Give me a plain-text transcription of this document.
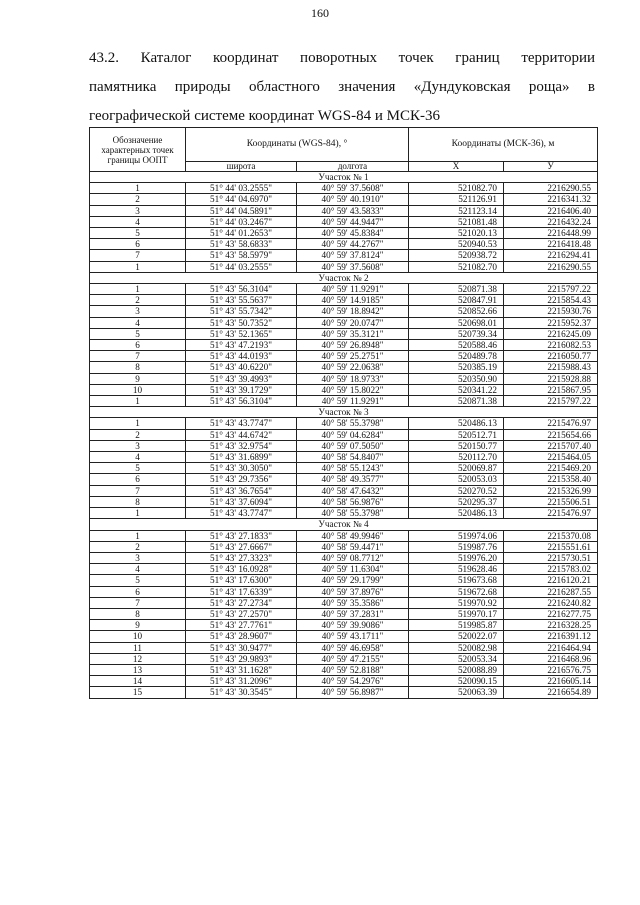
160
43.2. Каталог координат поворотных точек границ территории
памятника природы областного значения «Дундуковская роща» в
географической системе координат WGS-84 и МСК-36
Обозначение характерных точек границы ООПТ	Координаты (WGS-84), °		Координаты (МСК-36), м	
	широта	долгота	X	У
Участок № 1				
1	51° 44' 03.2555"	40° 59' 37.5608"	521082.70	2216290.55
2	51° 44' 04.6970"	40° 59' 40.1910"	521126.91	2216341.32
3	51° 44' 04.5891"	40° 59' 43.5833"	521123.14	2216406.40
4	51° 44' 03.2467"	40° 59' 44.9447"	521081.48	2216432.24
5	51° 44' 01.2653"	40° 59' 45.8384"	521020.13	2216448.99
6	51° 43' 58.6833"	40° 59' 44.2767"	520940.53	2216418.48
7	51° 43' 58.5979"	40° 59' 37.8124"	520938.72	2216294.41
1	51° 44' 03.2555"	40° 59' 37.5608"	521082.70	2216290.55
Участок № 2				
1	51° 43' 56.3104"	40° 59' 11.9291"	520871.38	2215797.22
2	51° 43' 55.5637"	40° 59' 14.9185"	520847.91	2215854.43
3	51° 43' 55.7342"	40° 59' 18.8942"	520852.66	2215930.76
4	51° 43' 50.7352"	40° 59' 20.0747"	520698.01	2215952.37
5	51° 43' 52.1365"	40° 59' 35.3121"	520739.34	2216245.09
6	51° 43' 47.2193"	40° 59' 26.8948"	520588.46	2216082.53
7	51° 43' 44.0193"	40° 59' 25.2751"	520489.78	2216050.77
8	51° 43' 40.6220"	40° 59' 22.0638"	520385.19	2215988.43
9	51° 43' 39.4993"	40° 59' 18.9733"	520350.90	2215928.88
10	51° 43' 39.1729"	40° 59' 15.8022"	520341.22	2215867.95
1	51° 43' 56.3104"	40° 59' 11.9291"	520871.38	2215797.22
Участок № 3				
1	51° 43' 43.7747"	40° 58' 55.3798"	520486.13	2215476.97
2	51° 43' 44.6742"	40° 59' 04.6284"	520512.71	2215654.66
3	51° 43' 32.9754"	40° 59' 07.5050"	520150.77	2215707.40
4	51° 43' 31.6899"	40° 58' 54.8407"	520112.70	2215464.05
5	51° 43' 30.3050"	40° 58' 55.1243"	520069.87	2215469.20
6	51° 43' 29.7356"	40° 58' 49.3577"	520053.03	2215358.40
7	51° 43' 36.7654"	40° 58' 47.6432"	520270.52	2215326.99
8	51° 43' 37.6094"	40° 58' 56.9876"	520295.37	2215506.51
1	51° 43' 43.7747"	40° 58' 55.3798"	520486.13	2215476.97
Участок № 4				
1	51° 43' 27.1833"	40° 58' 49.9946"	519974.06	2215370.08
2	51° 43' 27.6667"	40° 58' 59.4471"	519987.76	2215551.61
3	51° 43' 27.3323"	40° 59' 08.7712"	519976.20	2215730.51
4	51° 43' 16.0928"	40° 59' 11.6304"	519628.46	2215783.02
5	51° 43' 17.6300"	40° 59' 29.1799"	519673.68	2216120.21
6	51° 43' 17.6339"	40° 59' 37.8976"	519672.68	2216287.55
7	51° 43' 27.2734"	40° 59' 35.3586"	519970.92	2216240.82
8	51° 43' 27.2570"	40° 59' 37.2831"	519970.17	2216277.75
9	51° 43' 27.7761"	40° 59' 39.9086"	519985.87	2216328.25
10	51° 43' 28.9607"	40° 59' 43.1711"	520022.07	2216391.12
11	51° 43' 30.9477"	40° 59' 46.6958"	520082.98	2216464.94
12	51° 43' 29.9893"	40° 59' 47.2155"	520053.34	2216468.96
13	51° 43' 31.1628"	40° 59' 52.8188"	520088.89	2216576.75
14	51° 43' 31.2096"	40° 59' 54.2976"	520090.15	2216605.14
15	51° 43' 30.3545"	40° 59' 56.8987"	520063.39	2216654.89
